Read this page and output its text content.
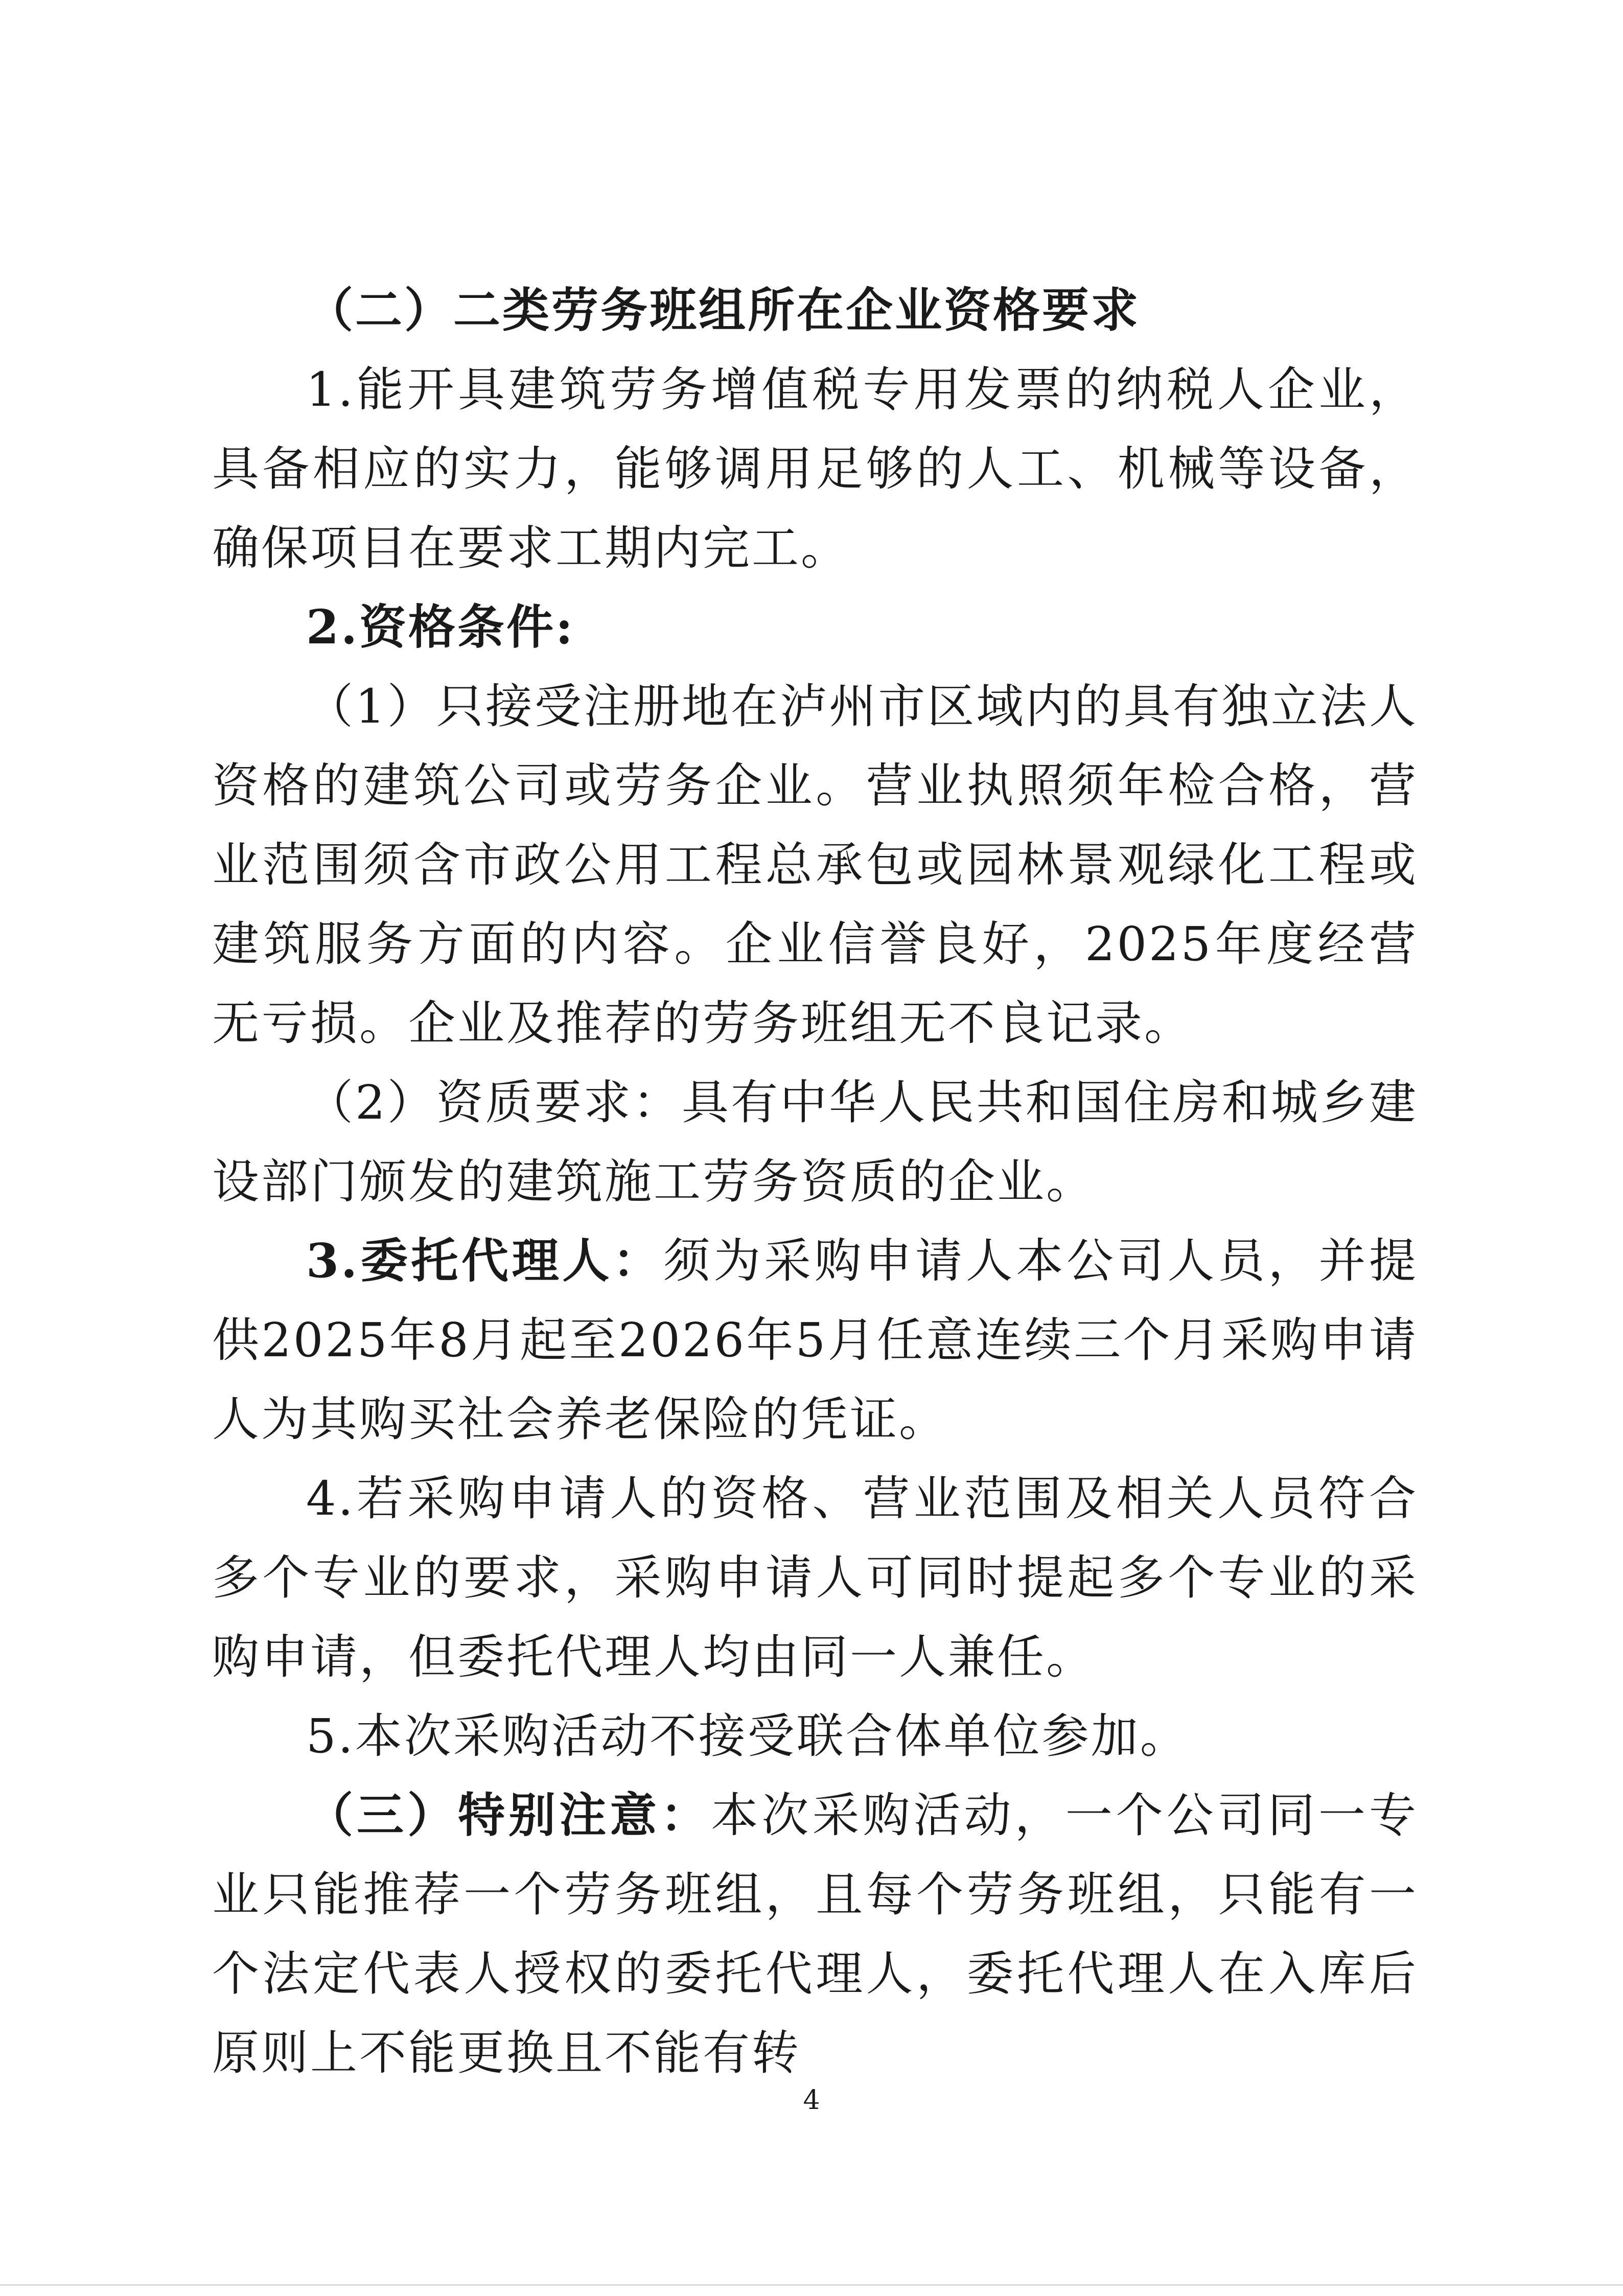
（二）二类劳务班组所在企业资格要求

1.能开具建筑劳务增值税专用发票的纳税人企业，具备相应的实力，能够调用足够的人工、机械等设备，确保项目在要求工期内完工。

2.资格条件:

（1）只接受注册地在泸州市区域内的具有独立法人资格的建筑公司或劳务企业。营业执照须年检合格，营业范围须含市政公用工程总承包或园林景观绿化工程或建筑服务方面的内容。企业信誉良好，2025年度经营无亏损。企业及推荐的劳务班组无不良记录。

（2）资质要求：具有中华人民共和国住房和城乡建设部门颁发的建筑施工劳务资质的企业。

3.委托代理人：须为采购申请人本公司人员，并提供2025年8月起至2026年5月任意连续三个月采购申请人为其购买社会养老保险的凭证。

4.若采购申请人的资格、营业范围及相关人员符合多个专业的要求，采购申请人可同时提起多个专业的采购申请，但委托代理人均由同一人兼任。

5.本次采购活动不接受联合体单位参加。

（三）特别注意：本次采购活动，一个公司同一专业只能推荐一个劳务班组，且每个劳务班组，只能有一个法定代表人授权的委托代理人，委托代理人在入库后原则上不能更换且不能有转

4
